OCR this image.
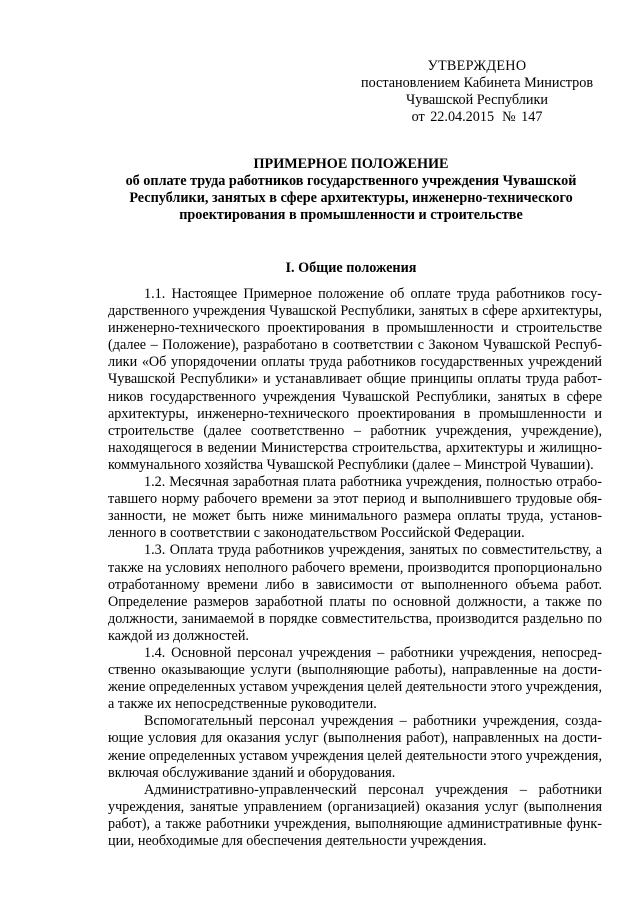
УТВЕРЖДЕНО
постановлением Кабинета Министров
Чувашской Республики
от 22.04.2015 № 147
ПРИМЕРНОЕ ПОЛОЖЕНИЕ
об оплате труда работников государственного учреждения Чувашской
Республики, занятых в сфере архитектуры, инженерно-технического
проектирования в промышленности и строительстве
I. Общие положения

1.1. Настоящее Примерное положение об оплате труда работников государственного учреждения Чувашской Республики, занятых в сфере архитектуры, инженерно-технического проектирования в промышленности и строительстве (далее – Положение), разработано в соответствии с Законом Чувашской Республики «Об упорядочении оплаты труда работников государственных учреждений Чувашской Республики» и устанавливает общие принципы оплаты труда работников государственного учреждения Чувашской Республики, занятых в сфере архитектуры, инженерно-технического проектирования в промышленности и строительстве (далее соответственно – работник учреждения, учреждение), находящегося в ведении Министерства строительства, архитектуры и жилищно-коммунального хозяйства Чувашской Республики (далее – Минстрой Чувашии).

1.2. Месячная заработная плата работника учреждения, полностью отработавшего норму рабочего времени за этот период и выполнившего трудовые обязанности, не может быть ниже минимального размера оплаты труда, установленного в соответствии с законодательством Российской Федерации.

1.3. Оплата труда работников учреждения, занятых по совместительству, а также на условиях неполного рабочего времени, производится пропорционально отработанному времени либо в зависимости от выполненного объема работ. Определение размеров заработной платы по основной должности, а также по должности, занимаемой в порядке совместительства, производится раздельно по каждой из должностей.

1.4. Основной персонал учреждения – работники учреждения, непосредственно оказывающие услуги (выполняющие работы), направленные на достижение определенных уставом учреждения целей деятельности этого учреждения, а также их непосредственные руководители.

Вспомогательный персонал учреждения – работники учреждения, создающие условия для оказания услуг (выполнения работ), направленных на достижение определенных уставом учреждения целей деятельности этого учреждения, включая обслуживание зданий и оборудования.

Административно-управленческий персонал учреждения – работники учреждения, занятые управлением (организацией) оказания услуг (выполнения работ), а также работники учреждения, выполняющие административные функции, необходимые для обеспечения деятельности учреждения.
